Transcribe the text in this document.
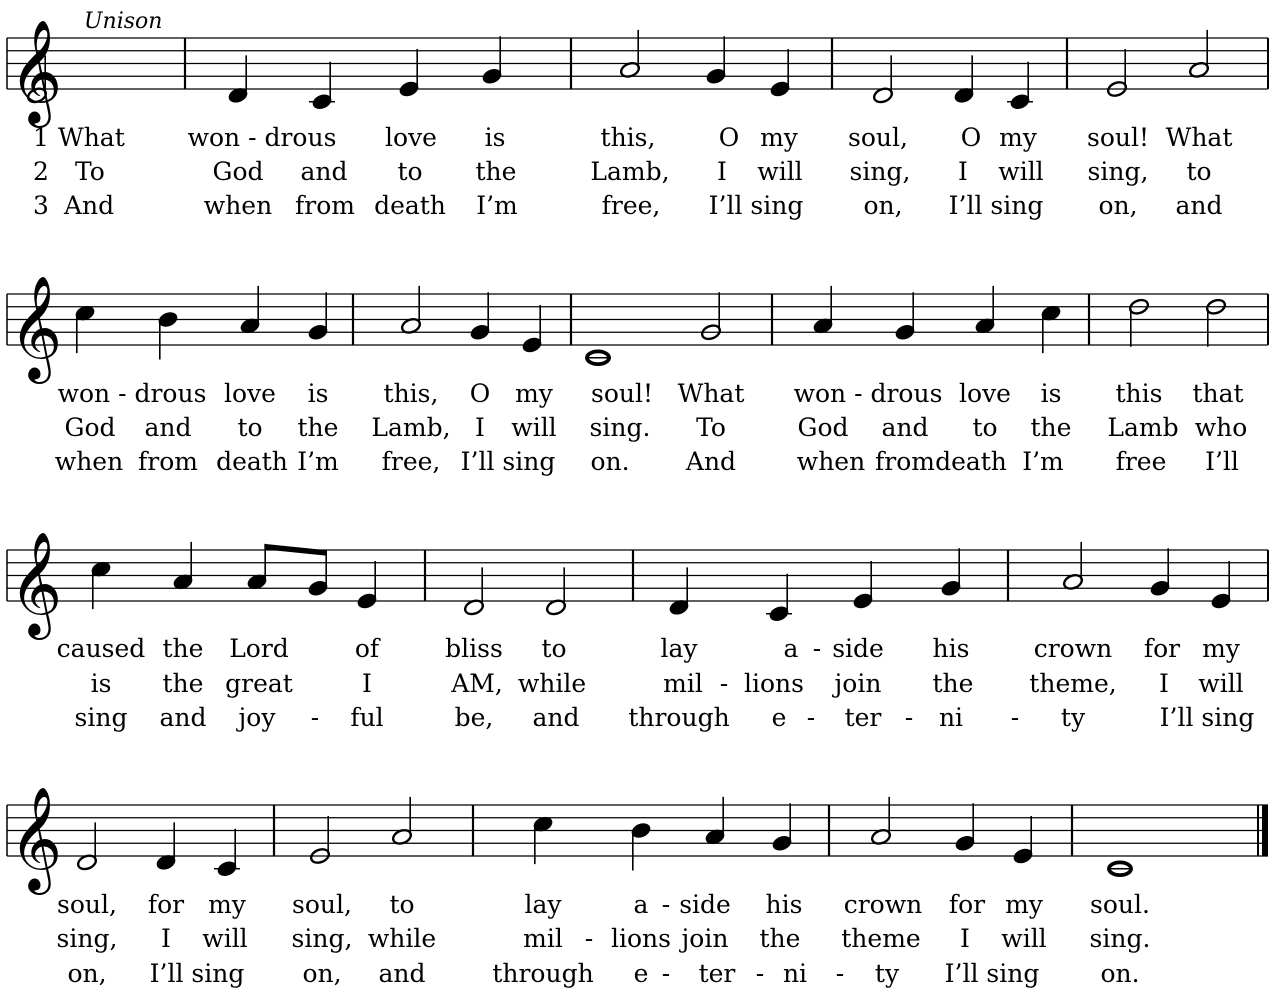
Unison
𝄞
1 What	won - drous love is	this,	O my soul, O my soul! What
2 To	God and to the	Lamb, I will sing, I will sing, to
3 And	when from death I’m	free, I’ll sing on, I’ll sing on, and
𝄞
won - drous love is this, O my soul! What won - drous love is this that
God and to the Lamb, I will sing. To	God and to the Lamb who
when from death I’m free, I’ll sing on. And when from death I’m free I’ll
𝄞
caused the Lord	of	bliss to	lay	a - side his	crown for my
is the great	I	AM, while	mil - lions join the theme, I will
sing and joy - ful	be, and through e - ter - ni - ty	I’ll sing
𝄞
soul, for my soul, to	lay	a - side his crown for my soul.
sing, I will sing, while	mil - lions join the theme I will sing.
on, I’ll sing on, and	through e - ter - ni - ty I’ll sing on.
